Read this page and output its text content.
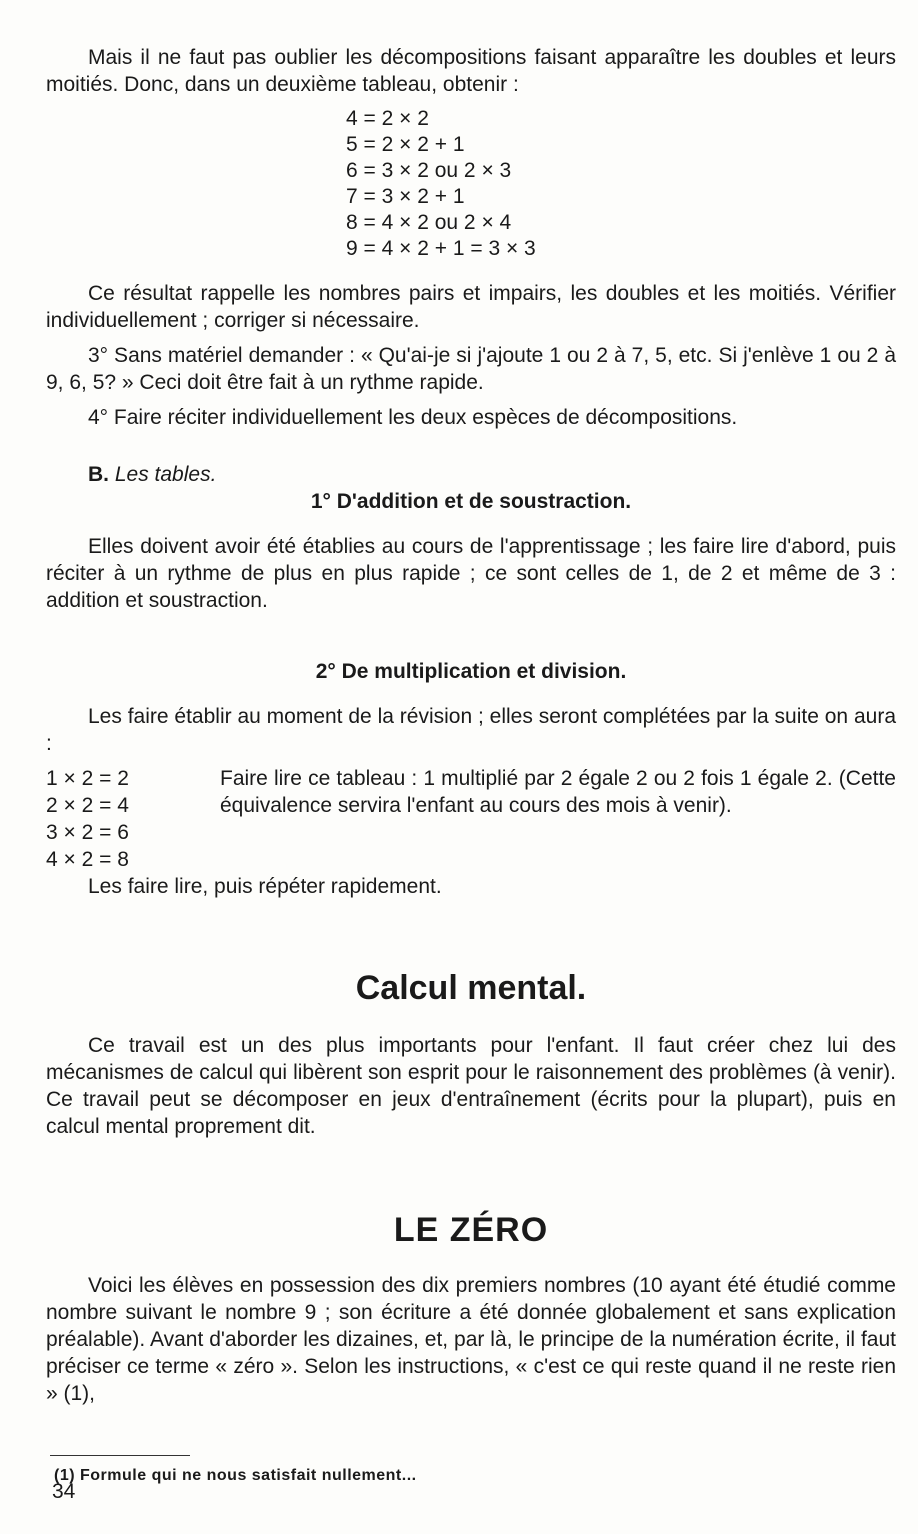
Mais il ne faut pas oublier les décompositions faisant apparaître les doubles et leurs moitiés. Donc, dans un deuxième tableau, obtenir :

4 = 2 × 2
5 = 2 × 2 + 1
6 = 3 × 2 ou 2 × 3
7 = 3 × 2 + 1
8 = 4 × 2 ou 2 × 4
9 = 4 × 2 + 1 = 3 × 3

Ce résultat rappelle les nombres pairs et impairs, les doubles et les moitiés. Vérifier individuellement ; corriger si nécessaire.

3° Sans matériel demander : « Qu'ai-je si j'ajoute 1 ou 2 à 7, 5, etc. Si j'enlève 1 ou 2 à 9, 6, 5? » Ceci doit être fait à un rythme rapide.

4° Faire réciter individuellement les deux espèces de décompositions.

B. Les tables.
1° D'addition et de soustraction.

Elles doivent avoir été établies au cours de l'apprentissage ; les faire lire d'abord, puis réciter à un rythme de plus en plus rapide ; ce sont celles de 1, de 2 et même de 3 : addition et soustraction.

2° De multiplication et division.

Les faire établir au moment de la révision ; elles seront complétées par la suite on aura :

1 × 2 = 2
2 × 2 = 4
3 × 2 = 6
4 × 2 = 8
Faire lire ce tableau : 1 multiplié par 2 égale 2 ou 2 fois 1 égale 2. (Cette équivalence servira l'enfant au cours des mois à venir).

Les faire lire, puis répéter rapidement.

Calcul mental.

Ce travail est un des plus importants pour l'enfant. Il faut créer chez lui des mécanismes de calcul qui libèrent son esprit pour le raisonnement des problèmes (à venir). Ce travail peut se décomposer en jeux d'entraînement (écrits pour la plupart), puis en calcul mental proprement dit.

LE ZÉRO

Voici les élèves en possession des dix premiers nombres (10 ayant été étudié comme nombre suivant le nombre 9 ; son écriture a été donnée globalement et sans explication préalable). Avant d'aborder les dizaines, et, par là, le principe de la numération écrite, il faut préciser ce terme « zéro ». Selon les instructions, « c'est ce qui reste quand il ne reste rien » (1),

(1) Formule qui ne nous satisfait nullement...
34
